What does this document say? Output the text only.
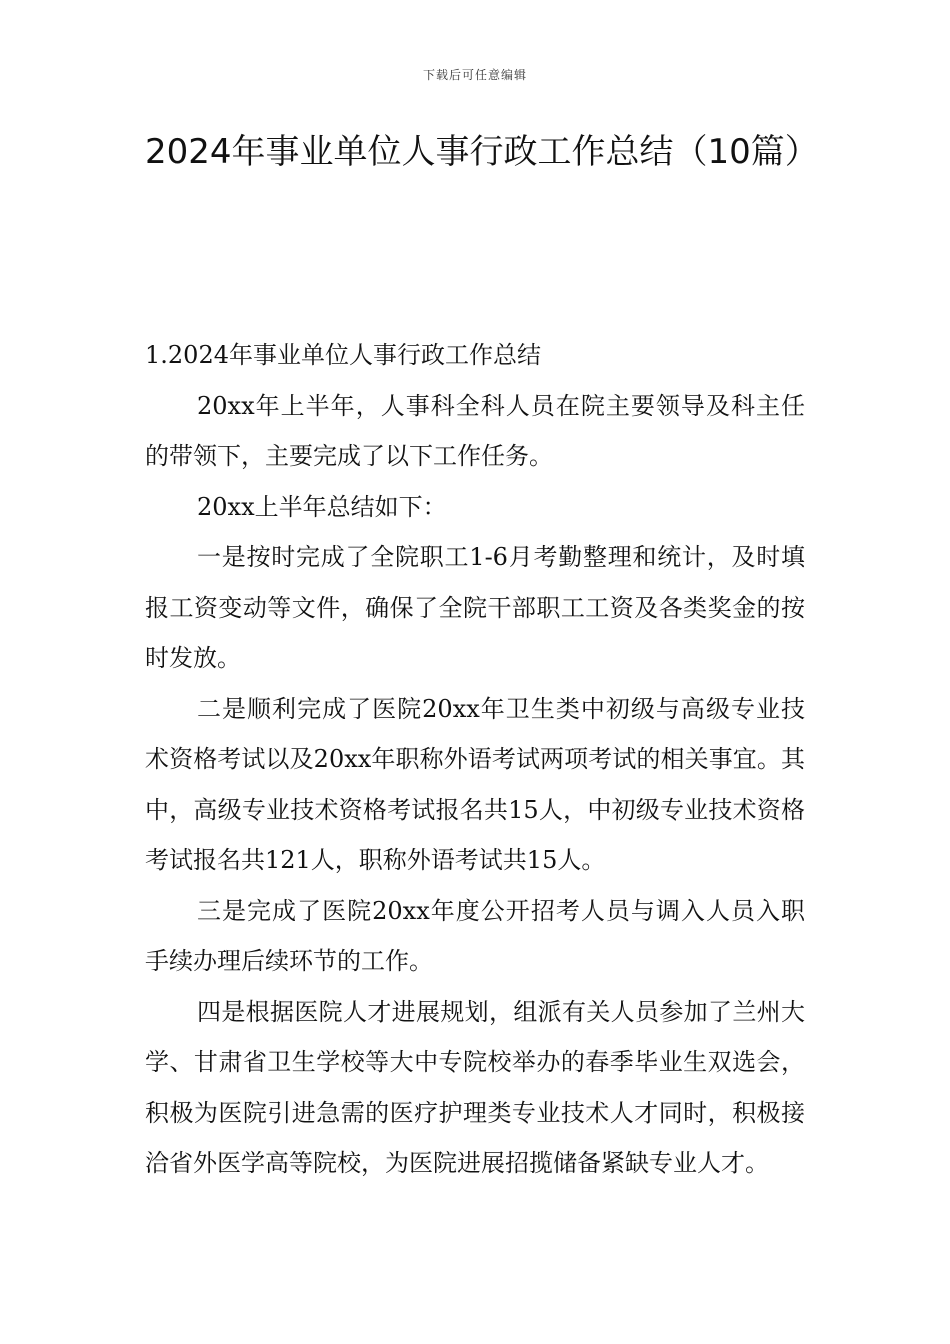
下载后可任意编辑
2024年事业单位人事行政工作总结（10篇）

1.2024年事业单位人事行政工作总结

20xx年上半年，人事科全科人员在院主要领导及科主任的带领下，主要完成了以下工作任务。

20xx上半年总结如下：

一是按时完成了全院职工1-6月考勤整理和统计，及时填报工资变动等文件，确保了全院干部职工工资及各类奖金的按时发放。

二是顺利完成了医院20xx年卫生类中初级与高级专业技术资格考试以及20xx年职称外语考试两项考试的相关事宜。其中，高级专业技术资格考试报名共15人，中初级专业技术资格考试报名共121人，职称外语考试共15人。

三是完成了医院20xx年度公开招考人员与调入人员入职手续办理后续环节的工作。

四是根据医院人才进展规划，组派有关人员参加了兰州大学、甘肃省卫生学校等大中专院校举办的春季毕业生双选会，积极为医院引进急需的医疗护理类专业技术人才同时，积极接洽省外医学高等院校，为医院进展招揽储备紧缺专业人才。
